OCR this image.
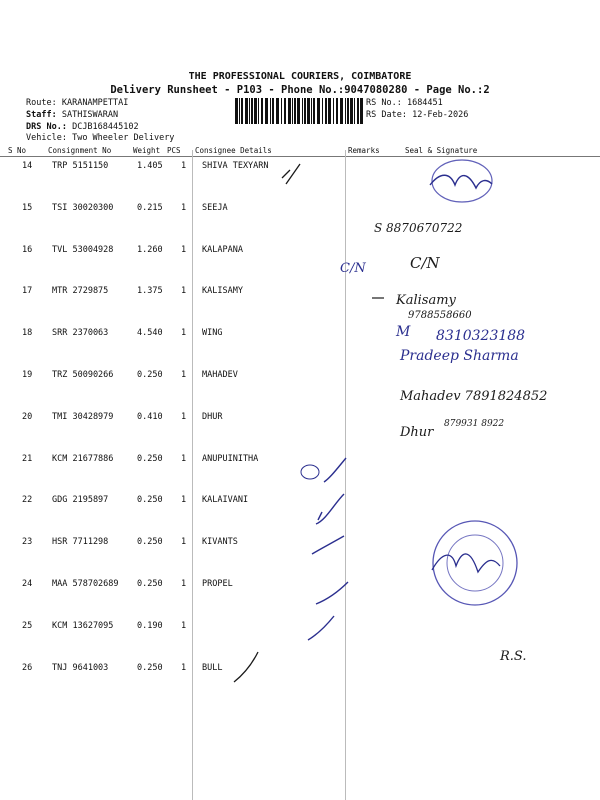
THE PROFESSIONAL COURIERS, COIMBATORE
Delivery Runsheet - P103 - Phone No.:9047080280 - Page No.:2
Route: KARANAMPETTAI
Staff: SATHISWARAN
DRS No.: DCJB168445102
Vehicle: Two Wheeler Delivery
RS No.: 1684451
RS Date: 12-Feb-2026
S No	Consignment No	Weight PCS Consignee Details	Remarks	Seal & Signature
14 TRP 5151150	1.405 1 SHIVA TEXYARN
15 TSI 30020300	0.215 1 SEEJA
16 TVL 53004928	1.260 1 KALAPANA
17 MTR 2729875	1.375 1 KALISAMY
18 SRR 2370063	4.540 1 WING
19 TRZ 50090266	0.250 1 MAHADEV
20 TMI 30428979	0.410 1 DHUR
21 KCM 21677886	0.250 1 ANUPUINITHA
22 GDG 2195897	0.250 1 KALAIVANI
23 HSR 7711298	0.250 1 KIVANTS
24 MAA 578702689 0.250 1 PROPEL
25 KCM 13627095	0.190 1
26 TNJ 9641003	0.250 1 BULL
S 8870670722
C/N	C/N
Kalisamy
9788558660
M 8310323188
Pradeep Sharma
Mahadev 7891824852
Dhur
879931 8922
R.S.
